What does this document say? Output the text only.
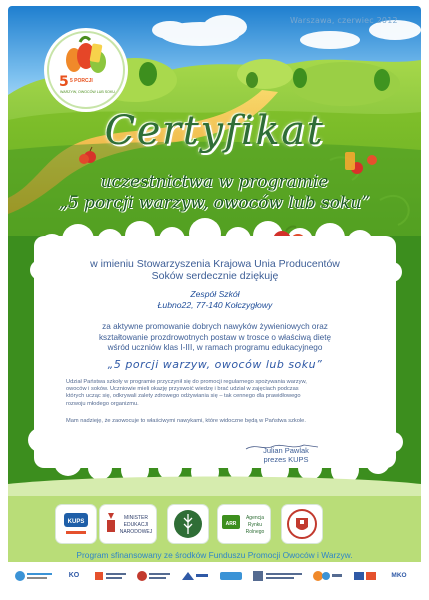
Warszawa, czerwiec 2012
5 5 PORCJI
WARZYW, OWOCÓW LUB SOKU
Certyfikat
uczestnictwa w programie
„5 porcji warzyw, owoców lub soku”
w imieniu Stowarzyszenia Krajowa Unia Producentów
Soków serdecznie dziękuję
Zespół Szkół
Łubno22, 77-140 Kołczygłowy
za aktywne promowanie dobrych nawyków żywieniowych oraz
kształtowanie prozdrowotnych postaw w trosce o właściwą dietę
wśród uczniów klas I-III, w ramach programu edukacyjnego
„5 porcji warzyw, owoców lub soku”
Udział Państwa szkoły w programie przyczynił się do promocji regularnego spożywania warzyw,
owoców i soków. Uczniowie mieli okazję przyswoić wiedzę i brać udział w zajęciach podczas
których ucząc się, odkrywali zalety zdrowego odżywiania się – tak cennego dla prawidłowego
rozwoju młodego organizmu.
Mam nadzieję, że zaowocuje to właściwymi nawykami, które widoczne będą w Państwa szkole.
Julian Pawlak
prezes KUPS
KUPS
MINISTER
EDUKACJI
NARODOWEJ
ARR
Agencja
Rynku
Rolnego
Program sfinansowany ze środków Funduszu Promocji Owoców i Warzyw.
KO	MKO
